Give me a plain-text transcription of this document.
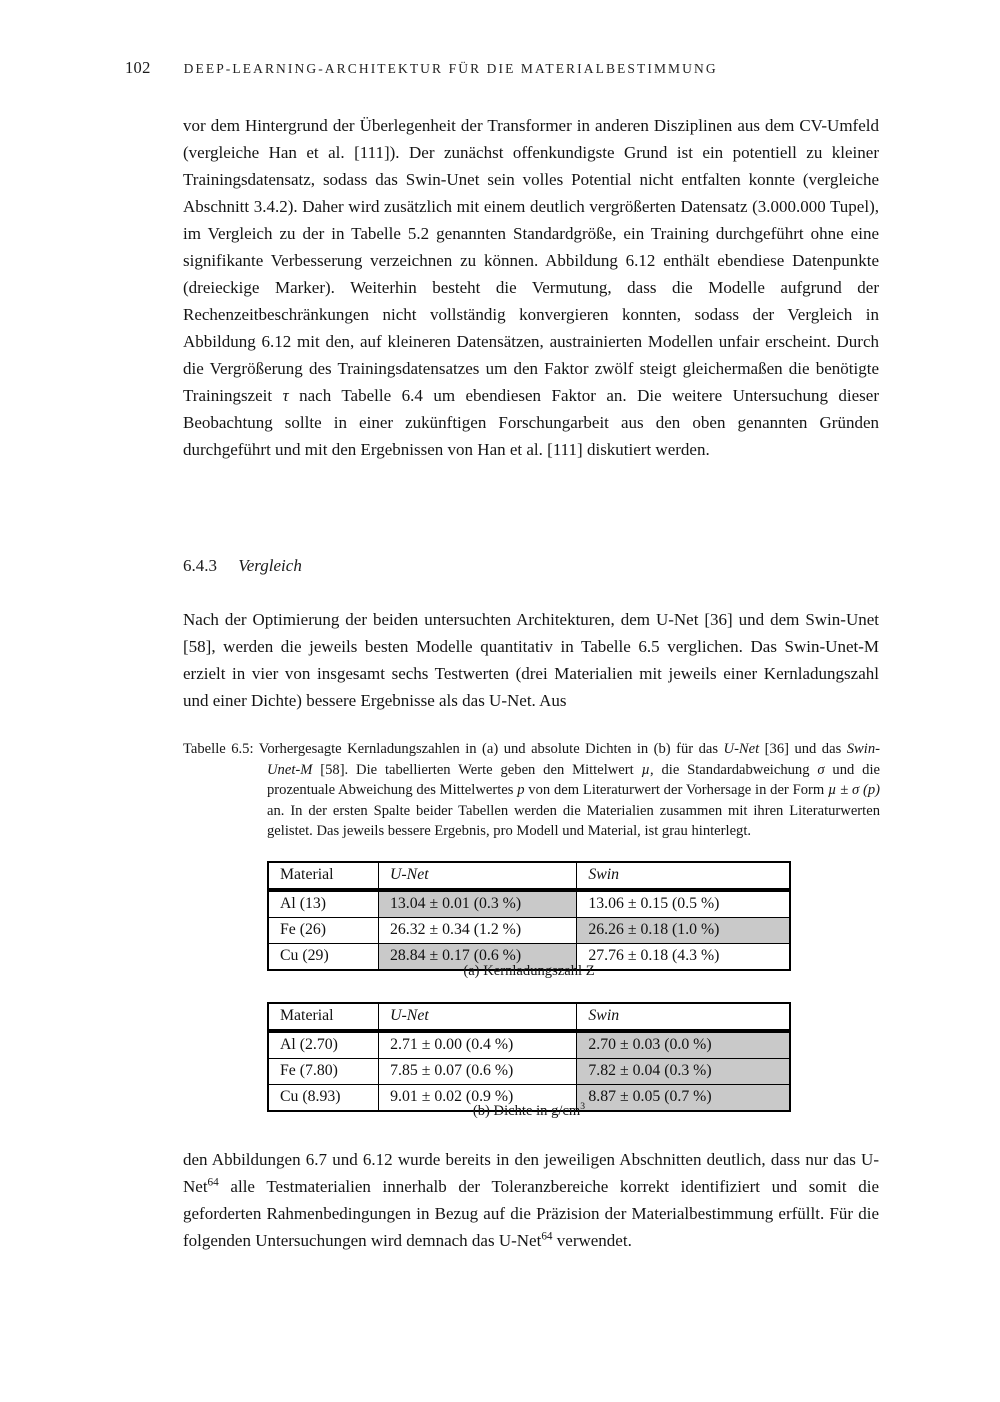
102 DEEP-LEARNING-ARCHITEKTUR FÜR DIE MATERIALBESTIMMUNG
vor dem Hintergrund der Überlegenheit der Transformer in anderen Disziplinen aus dem CV-Umfeld (vergleiche Han et al. [111]). Der zunächst offenkundigste Grund ist ein potentiell zu kleiner Trainingsdatensatz, sodass das Swin-Unet sein volles Potential nicht entfalten konnte (vergleiche Abschnitt 3.4.2). Daher wird zusätzlich mit einem deutlich vergrößerten Datensatz (3.000.000 Tupel), im Vergleich zu der in Tabelle 5.2 genannten Standardgröße, ein Training durchgeführt ohne eine signifikante Verbesserung verzeichnen zu können. Abbildung 6.12 enthält ebendiese Datenpunkte (dreieckige Marker). Weiterhin besteht die Vermutung, dass die Modelle aufgrund der Rechenzeitbeschränkungen nicht vollständig konvergieren konnten, sodass der Vergleich in Abbildung 6.12 mit den, auf kleineren Datensätzen, austrainierten Modellen unfair erscheint. Durch die Vergrößerung des Trainingsdatensatzes um den Faktor zwölf steigt gleichermaßen die benötigte Trainingszeit τ nach Tabelle 6.4 um ebendiesen Faktor an. Die weitere Untersuchung dieser Beobachtung sollte in einer zukünftigen Forschungarbeit aus den oben genannten Gründen durchgeführt und mit den Ergebnissen von Han et al. [111] diskutiert werden.
6.4.3 Vergleich
Nach der Optimierung der beiden untersuchten Architekturen, dem U-Net [36] und dem Swin-Unet [58], werden die jeweils besten Modelle quantitativ in Tabelle 6.5 verglichen. Das Swin-Unet-M erzielt in vier von insgesamt sechs Testwerten (drei Materialien mit jeweils einer Kernladungszahl und einer Dichte) bessere Ergebnisse als das U-Net. Aus
Tabelle 6.5: Vorhergesagte Kernladungszahlen in (a) und absolute Dichten in (b) für das U-Net [36] und das Swin-Unet-M [58]. Die tabellierten Werte geben den Mittelwert µ, die Standardabweichung σ und die prozentuale Abweichung des Mittelwertes p von dem Literaturwert der Vorhersage in der Form µ ± σ (p) an. In der ersten Spalte beider Tabellen werden die Materialien zusammen mit ihren Literaturwerten gelistet. Das jeweils bessere Ergebnis, pro Modell und Material, ist grau hinterlegt.
Material	U-Net	Swin
Al (13)	13.04 ± 0.01 (0.3 %)	13.06 ± 0.15 (0.5 %)
Fe (26)	26.32 ± 0.34 (1.2 %)	26.26 ± 0.18 (1.0 %)
Cu (29)	28.84 ± 0.17 (0.6 %)	27.76 ± 0.18 (4.3 %)
(a) Kernladungszahl Z
Material	U-Net	Swin
Al (2.70)	2.71 ± 0.00 (0.4 %)	2.70 ± 0.03 (0.0 %)
Fe (7.80)	7.85 ± 0.07 (0.6 %)	7.82 ± 0.04 (0.3 %)
Cu (8.93)	9.01 ± 0.02 (0.9 %)	8.87 ± 0.05 (0.7 %)
(b) Dichte in $g/cm^3$
den Abbildungen 6.7 und 6.12 wurde bereits in den jeweiligen Abschnitten deutlich, dass nur das U-Net$^{64}$ alle Testmaterialien innerhalb der Toleranzbereiche korrekt identifiziert und somit die geforderten Rahmenbedingungen in Bezug auf die Präzision der Materialbestimmung erfüllt. Für die folgenden Untersuchungen wird demnach das U-Net$^{64}$ verwendet.
